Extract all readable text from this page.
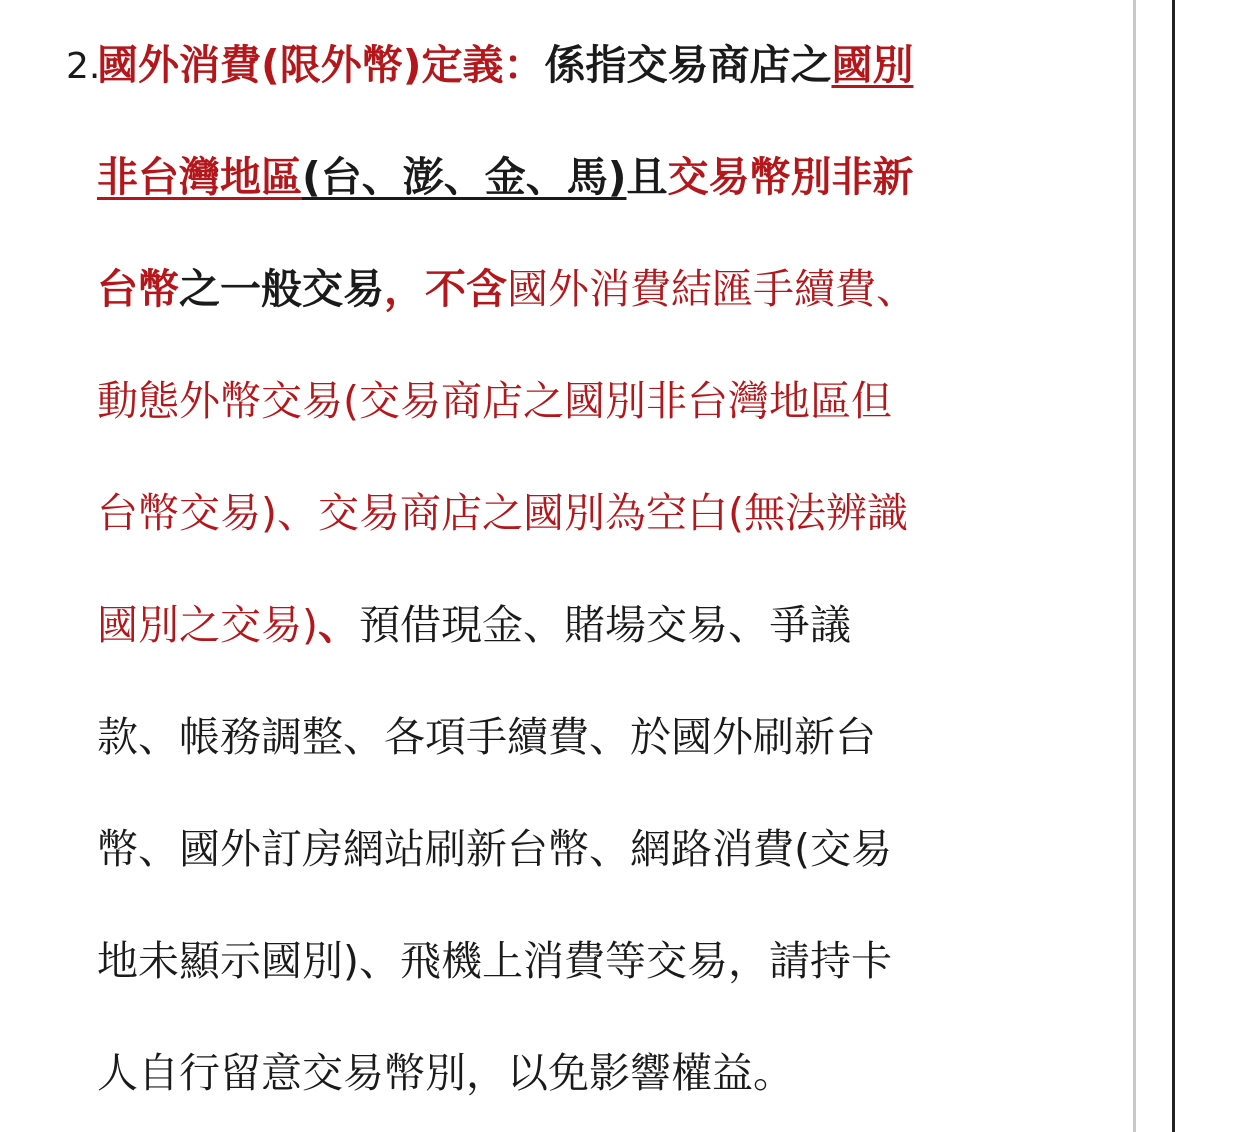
2.
國外消費(限外幣)定義：係指交易商店之國別
非台灣地區(台、澎、金、馬)且交易幣別非新
台幣之一般交易，不含國外消費結匯手續費、
動態外幣交易(交易商店之國別非台灣地區但
台幣交易)、交易商店之國別為空白(無法辨識
國別之交易)、預借現金、賭場交易、爭議
款、帳務調整、各項手續費、於國外刷新台
幣、國外訂房網站刷新台幣、網路消費(交易
地未顯示國別)、飛機上消費等交易，請持卡
人自行留意交易幣別，以免影響權益。
